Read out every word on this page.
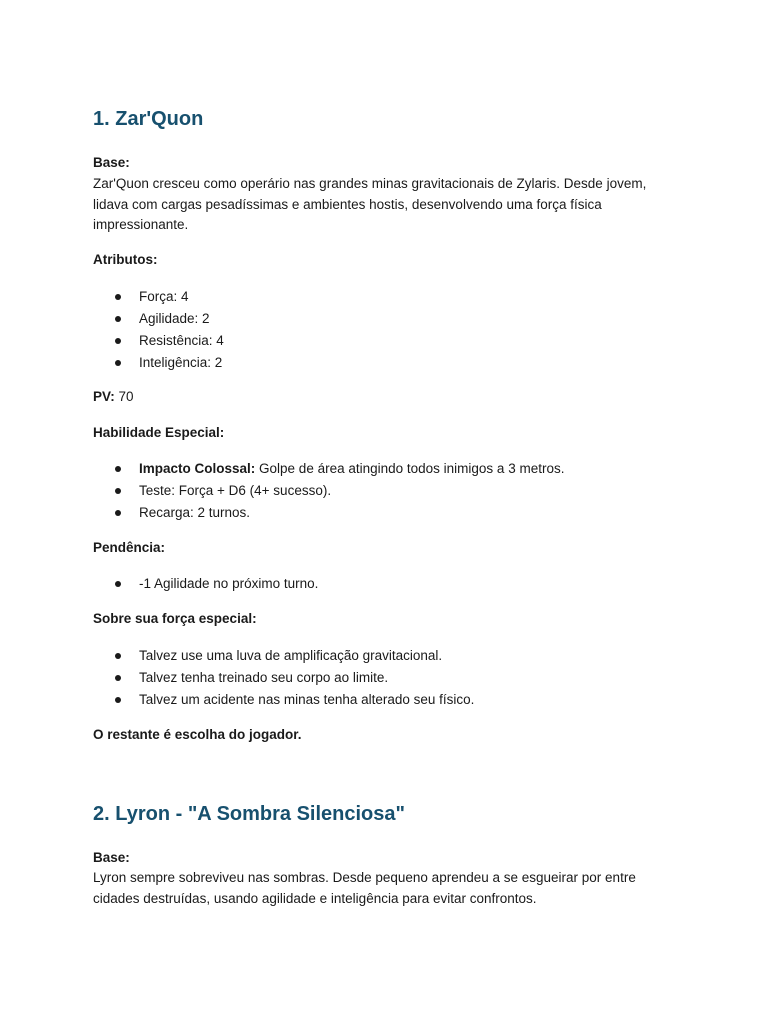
1. Zar'Quon
Base:
Zar'Quon cresceu como operário nas grandes minas gravitacionais de Zylaris. Desde jovem, lidava com cargas pesadíssimas e ambientes hostis, desenvolvendo uma força física impressionante.
Atributos:
Força: 4
Agilidade: 2
Resistência: 4
Inteligência: 2
PV: 70
Habilidade Especial:
Impacto Colossal: Golpe de área atingindo todos inimigos a 3 metros.
Teste: Força + D6 (4+ sucesso).
Recarga: 2 turnos.
Pendência:
-1 Agilidade no próximo turno.
Sobre sua força especial:
Talvez use uma luva de amplificação gravitacional.
Talvez tenha treinado seu corpo ao limite.
Talvez um acidente nas minas tenha alterado seu físico.
O restante é escolha do jogador.
2. Lyron - "A Sombra Silenciosa"
Base:
Lyron sempre sobreviveu nas sombras. Desde pequeno aprendeu a se esgueirar por entre cidades destruídas, usando agilidade e inteligência para evitar confrontos.
